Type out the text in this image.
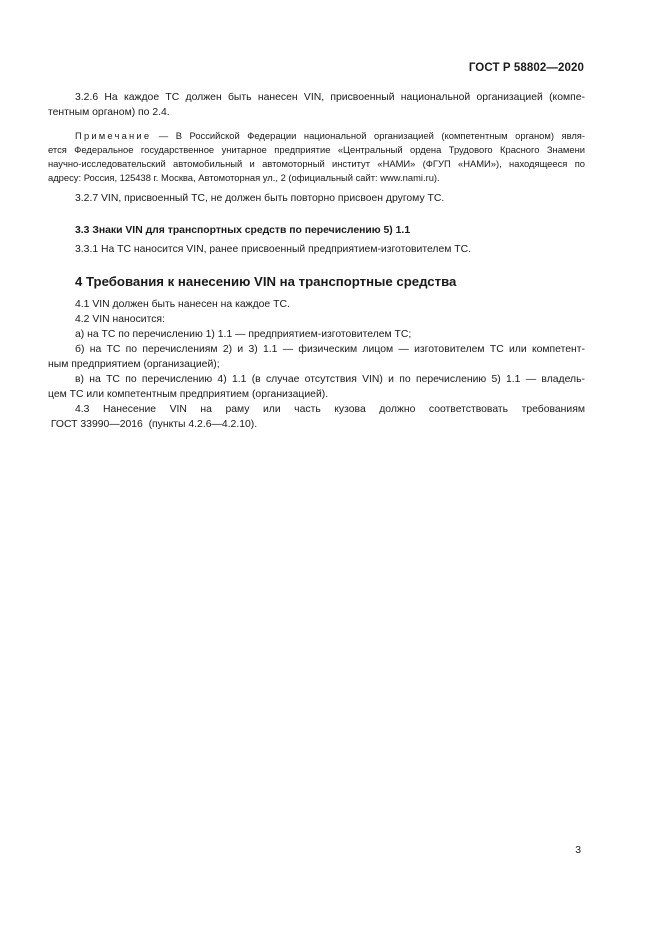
ГОСТ Р 58802—2020
3.2.6 На каждое ТС должен быть нанесен VIN, присвоенный национальной организацией (компе-
тентным органом) по 2.4.
Примечание — В Российской Федерации национальной организацией (компетентным органом) явля-
ется Федеральное государственное унитарное предприятие «Центральный ордена Трудового Красного Знамени
научно-исследовательский автомобильный и автомоторный институт «НАМИ» (ФГУП «НАМИ»), находящееся по
адресу: Россия, 125438 г. Москва, Автомоторная ул., 2 (официальный сайт: www.nami.ru).
3.2.7 VIN, присвоенный ТС, не должен быть повторно присвоен другому ТС.
3.3 Знаки VIN для транспортных средств по перечислению 5) 1.1
3.3.1 На ТС наносится VIN, ранее присвоенный предприятием-изготовителем ТС.
4 Требования к нанесению VIN на транспортные средства
4.1 VIN должен быть нанесен на каждое ТС.
4.2 VIN наносится:
а) на ТС по перечислению 1) 1.1 — предприятием-изготовителем ТС;
б) на ТС по перечислениям 2) и 3) 1.1 — физическим лицом — изготовителем ТС или компетент-
ным предприятием (организацией);
в) на ТС по перечислению 4) 1.1 (в случае отсутствия VIN) и по перечислению 5) 1.1 — владель-
цем ТС или компетентным предприятием (организацией).
4.3 Нанесение VIN на раму или часть кузова должно соответствовать требованиям
ГОСТ 33990—2016  (пункты 4.2.6—4.2.10).
3
